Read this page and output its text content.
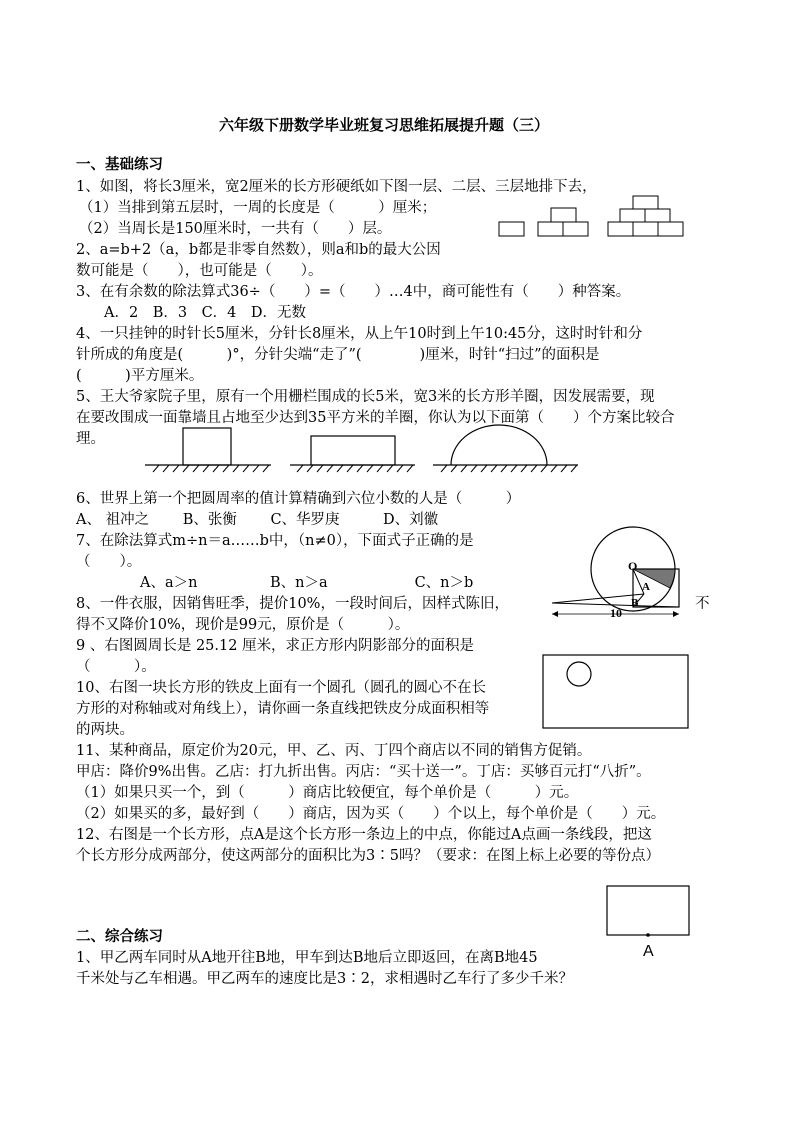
六年级下册数学毕业班复习思维拓展提升题（三）
一、基础练习
1、如图，将长3厘米，宽2厘米的长方形硬纸如下图一层、二层、三层地排下去，
（1）当排到第五层时，一周的长度是（　　　）厘米；
（2）当周长是150厘米时，一共有（　　）层。
2、a=b+2（a，b都是非零自然数），则a和b的最大公因
数可能是（　　），也可能是（　　）。
3、在有余数的除法算式36÷（　　）=（　　）…4中，商可能性有（　　）种答案。
A．2　B．3　C．4　D．无数
4、一只挂钟的时针长5厘米，分针长8厘米，从上午10时到上午10:45分，这时时针和分
针所成的角度是(　　　)°，分针尖端“走了”(　　　　)厘米，时针“扫过”的面积是
(　　　)平方厘米。
5、王大爷家院子里，原有一个用栅栏围成的长5米，宽3米的长方形羊圈，因发展需要，现
在要改围成一面靠墙且占地至少达到35平方米的羊圈，你认为以下面第（　　）个方案比较合
理。
6、世界上第一个把圆周率的值计算精确到六位小数的人是（　　　）
A、 祖冲之　　 B、张衡　　 C、华罗庚　　　D、刘徽
7、在除法算式m÷n＝a……b中，（n≠0），下面式子正确的是
（　　）。
A、a＞n　　　　　B、n＞a　　　　　　C、n＞b
8、一件衣服，因销售旺季，提价10%，一段时间后，因样式陈旧，	不
得不又降价10%，现价是99元，原价是（　　　）。
O
A
B
10
9 、右图圆周长是 25.12 厘米，求正方形内阴影部分的面积是
（　　　）。
10、右图一块长方形的铁皮上面有一个圆孔（圆孔的圆心不在长
方形的对称轴或对角线上），请你画一条直线把铁皮分成面积相等
的两块。
11、某种商品，原定价为20元，甲、乙、丙、丁四个商店以不同的销售方促销。
甲店：降价9%出售。乙店：打九折出售。丙店：“买十送一”。丁店：买够百元打“八折”。
（1）如果只买一个，到（　　　）商店比较便宜，每个单价是（　　　）元。
（2）如果买的多，最好到（　　）商店，因为买（　　）个以上，每个单价是（　　）元。
12、右图是一个长方形，点A是这个长方形一条边上的中点，你能过A点画一条线段，把这
个长方形分成两部分，使这两部分的面积比为3∶5吗？（要求：在图上标上必要的等份点）
A
二、综合练习
1、甲乙两车同时从A地开往B地，甲车到达B地后立即返回，在离B地45
千米处与乙车相遇。甲乙两车的速度比是3∶2，求相遇时乙车行了多少千米？
